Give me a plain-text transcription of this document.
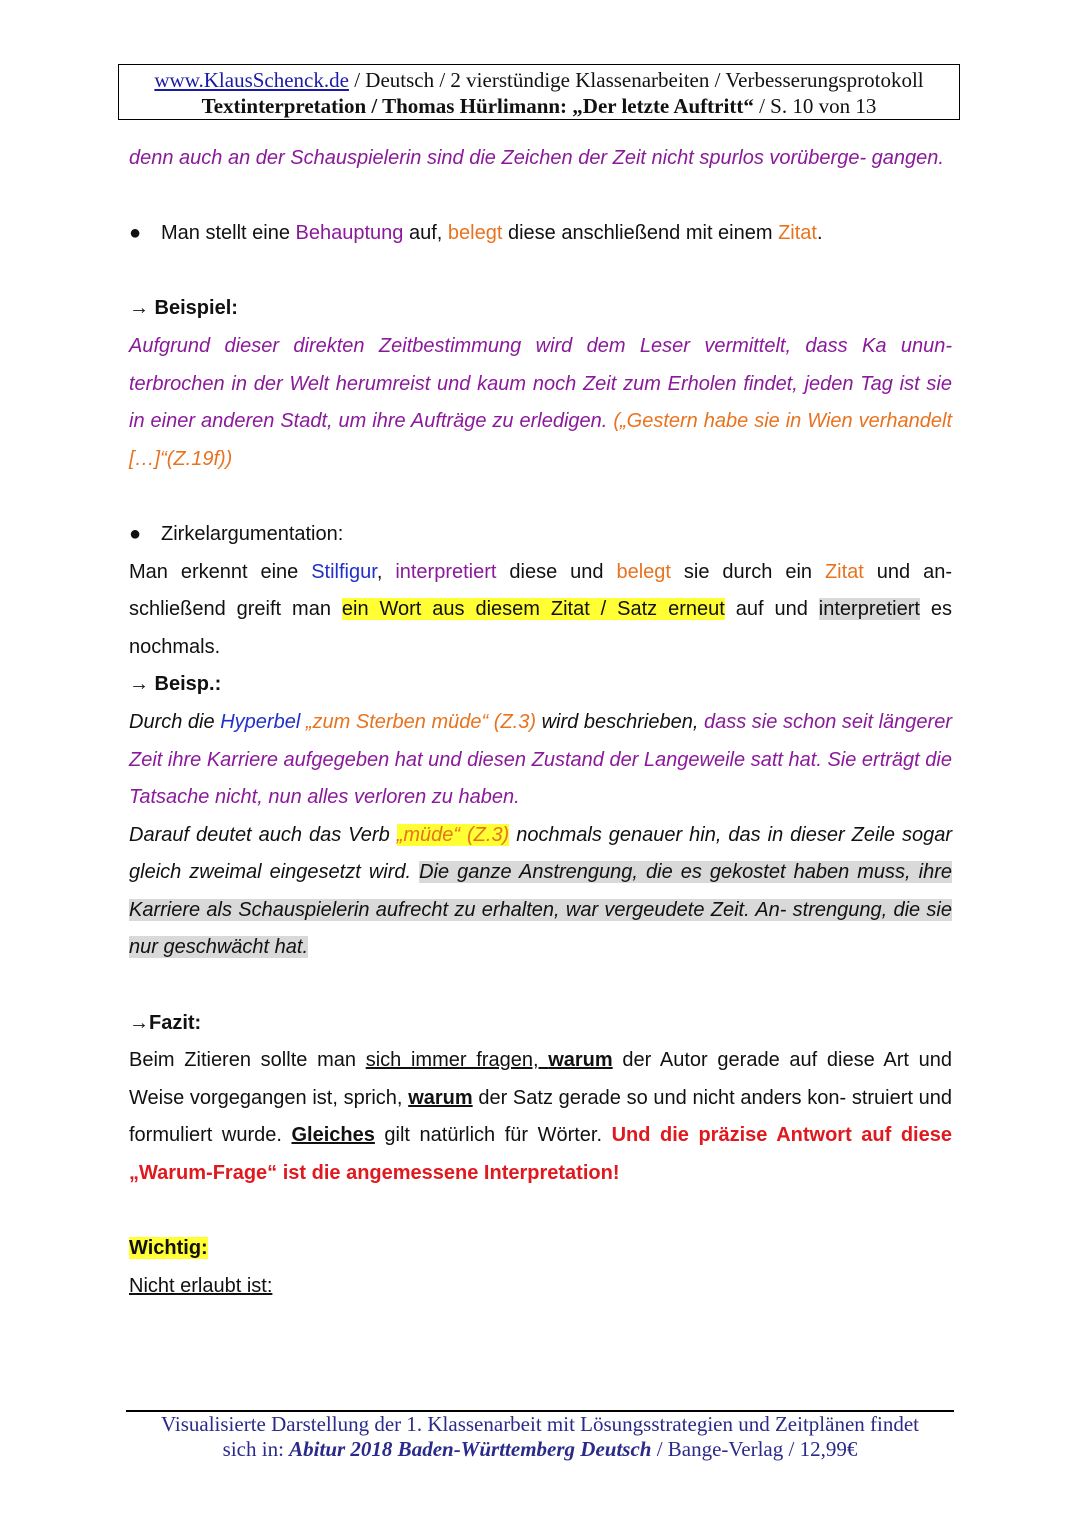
www.KlausSchenck.de / Deutsch / 2 vierstündige Klassenarbeiten / Verbesserungsprotokoll
Textinterpretation / Thomas Hürlimann: „Der letzte Auftritt“ / S. 10 von 13

denn auch an der Schauspielerin sind die Zeichen der Zeit nicht spurlos vorüberge- gangen.

● Man stellt eine Behauptung auf, belegt diese anschließend mit einem Zitat.

→ Beispiel:

Aufgrund dieser direkten Zeitbestimmung wird dem Leser vermittelt, dass Ka unun- terbrochen in der Welt herumreist und kaum noch Zeit zum Erholen findet, jeden Tag ist sie in einer anderen Stadt, um ihre Aufträge zu erledigen. („Gestern habe sie in Wien verhandelt […]“(Z.19f))

● Zirkelargumentation:

Man erkennt eine Stilfigur, interpretiert diese und belegt sie durch ein Zitat und an- schließend greift man ein Wort aus diesem Zitat / Satz erneut auf und interpretiert es nochmals.

→ Beisp.:

Durch die Hyperbel „zum Sterben müde“ (Z.3) wird beschrieben, dass sie schon seit längerer Zeit ihre Karriere aufgegeben hat und diesen Zustand der Langeweile satt hat. Sie erträgt die Tatsache nicht, nun alles verloren zu haben.

Darauf deutet auch das Verb „müde“ (Z.3) nochmals genauer hin, das in dieser Zeile sogar gleich zweimal eingesetzt wird. Die ganze Anstrengung, die es gekostet haben muss, ihre Karriere als Schauspielerin aufrecht zu erhalten, war vergeudete Zeit. An- strengung, die sie nur geschwächt hat.

→Fazit:

Beim Zitieren sollte man sich immer fragen, warum der Autor gerade auf diese Art und Weise vorgegangen ist, sprich, warum der Satz gerade so und nicht anders kon- struiert und formuliert wurde. Gleiches gilt natürlich für Wörter. Und die präzise Antwort auf diese „Warum-Frage“ ist die angemessene Interpretation!

Wichtig:

Nicht erlaubt ist:

Visualisierte Darstellung der 1. Klassenarbeit mit Lösungsstrategien und Zeitplänen findet
sich in: Abitur 2018 Baden-Württemberg Deutsch / Bange-Verlag / 12,99€
